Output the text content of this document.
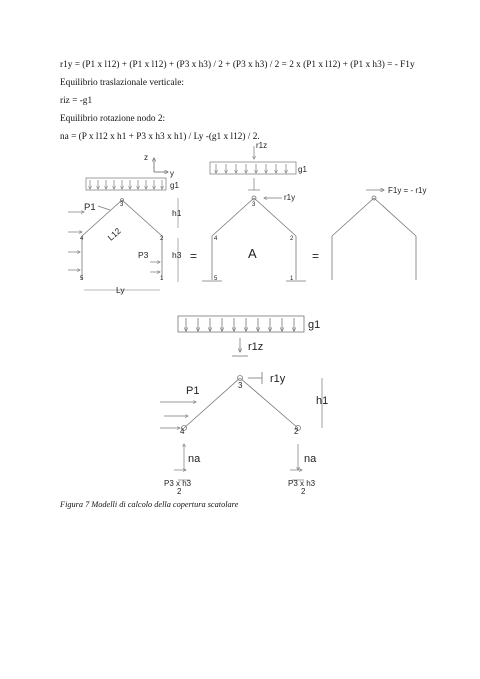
r1y = (P1 x l12) + (P1 x l12) + (P3 x h3) / 2 + (P3 x h3) / 2 = 2 x (P1 x l12) + (P1 x h3) = - F1y
Equilibrio traslazionale verticale:
riz = -g1
Equilibrio rotazione nodo 2:
na = (P x l12 x h1 + P3 x h3 x h1) / Ly -(g1 x l12) / 2.
z
y
g1
3
4	2
5	1
P1
L12
P3
h1
h3
Ly
=
g1
r1z
r1y
3
4	2
5	1
A	=
F1y = - r1y
g1
r1z
r1y
3
4	2
P1
h1
na	na
P3 x h3
2
P3 x h3
2
Figura 7 Modelli di calcolo della copertura scatolare
